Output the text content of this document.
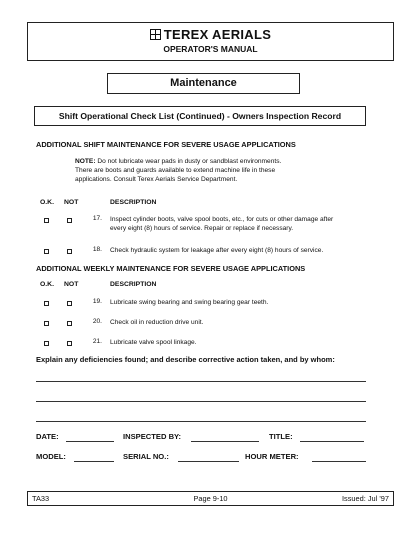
TEREX AERIALS
OPERATOR'S MANUAL
Maintenance
Shift Operational Check List (Continued) - Owners Inspection Record
ADDITIONAL SHIFT MAINTENANCE FOR SEVERE USAGE APPLICATIONS
NOTE: Do not lubricate wear pads in dusty or sandblast environments.
There are boots and guards available to extend machine life in these
applications. Consult Terex Aerials Service Department.
O.K. NOT	DESCRIPTION
17. Inspect cylinder boots, valve spool boots, etc., for cuts or other damage after
every eight (8) hours of service. Repair or replace if necessary.
18. Check hydraulic system for leakage after every eight (8) hours of service.
ADDITIONAL WEEKLY MAINTENANCE FOR SEVERE USAGE APPLICATIONS
O.K. NOT	DESCRIPTION
19. Lubricate swing bearing and swing bearing gear teeth.
20. Check oil in reduction drive unit.
21. Lubricate valve spool linkage.
Explain any deficiencies found; and describe corrective action taken, and by whom:
DATE:	INSPECTED BY:	TITLE:
MODEL:	SERIAL NO.:	HOUR METER:
TA33	Page 9-10	Issued: Jul '97
